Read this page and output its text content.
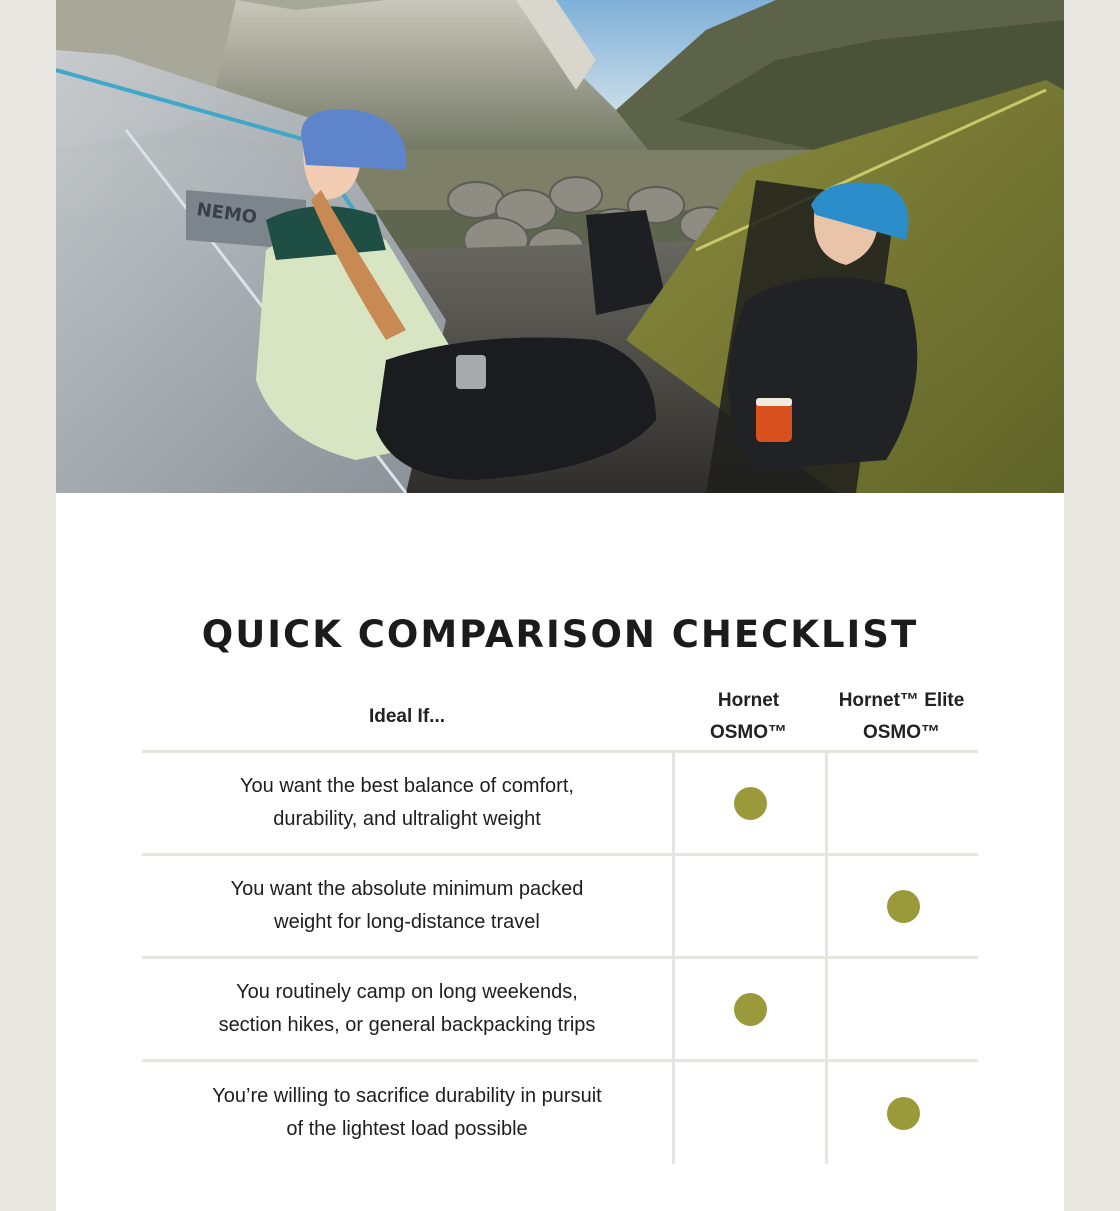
NEMO
QUICK COMPARISON CHECKLIST
Ideal If...
Hornet
OSMO™
Hornet™ Elite
OSMO™
You want the best balance of comfort, durability, and ultralight weight
You want the absolute minimum packed weight for long-distance travel
You routinely camp on long weekends, section hikes, or general backpacking trips
You’re willing to sacrifice durability in pursuit of the lightest load possible
